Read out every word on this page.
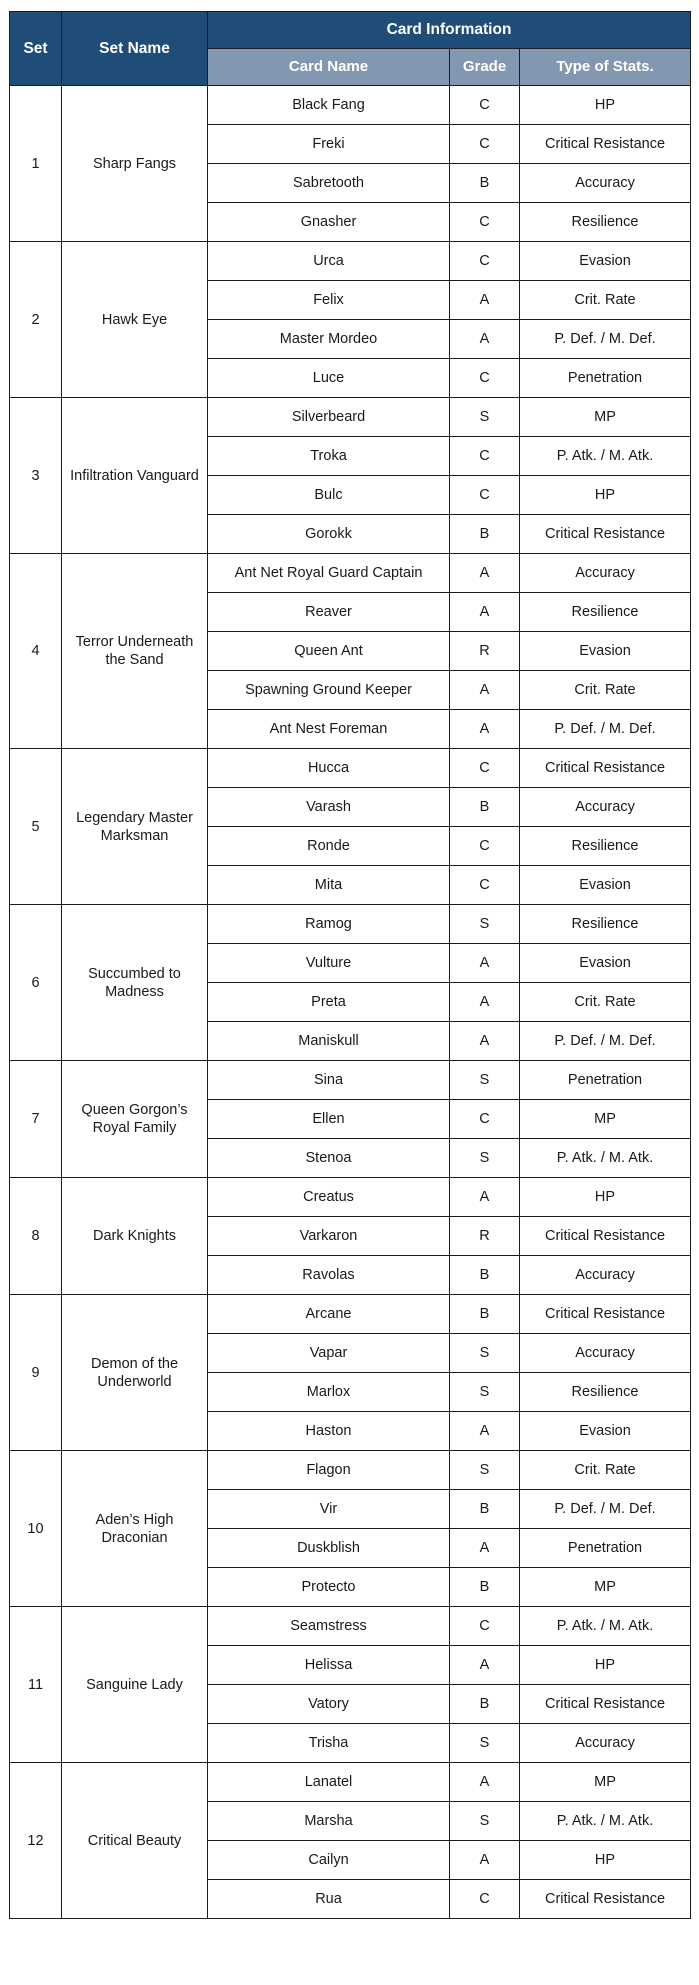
Set	Set Name	Card Information		
		Card Name	Grade	Type of Stats.
1	Sharp Fangs	Black Fang	C	HP
		Freki	C	Critical Resistance
		Sabretooth	B	Accuracy
		Gnasher	C	Resilience
2	Hawk Eye	Urca	C	Evasion
		Felix	A	Crit. Rate
		Master Mordeo	A	P. Def. / M. Def.
		Luce	C	Penetration
3	Infiltration Vanguard	Silverbeard	S	MP
		Troka	C	P. Atk. / M. Atk.
		Bulc	C	HP
		Gorokk	B	Critical Resistance
4	Terror Underneath the Sand	Ant Net Royal Guard Captain	A	Accuracy
		Reaver	A	Resilience
		Queen Ant	R	Evasion
		Spawning Ground Keeper	A	Crit. Rate
		Ant Nest Foreman	A	P. Def. / M. Def.
5	Legendary Master Marksman	Hucca	C	Critical Resistance
		Varash	B	Accuracy
		Ronde	C	Resilience
		Mita	C	Evasion
6	Succumbed to Madness	Ramog	S	Resilience
		Vulture	A	Evasion
		Preta	A	Crit. Rate
		Maniskull	A	P. Def. / M. Def.
7	Queen Gorgon’s Royal Family	Sina	S	Penetration
		Ellen	C	MP
		Stenoa	S	P. Atk. / M. Atk.
8	Dark Knights	Creatus	A	HP
		Varkaron	R	Critical Resistance
		Ravolas	B	Accuracy
9	Demon of the Underworld	Arcane	B	Critical Resistance
		Vapar	S	Accuracy
		Marlox	S	Resilience
		Haston	A	Evasion
10	Aden’s High Draconian	Flagon	S	Crit. Rate
		Vir	B	P. Def. / M. Def.
		Duskblish	A	Penetration
		Protecto	B	MP
11	Sanguine Lady	Seamstress	C	P. Atk. / M. Atk.
		Helissa	A	HP
		Vatory	B	Critical Resistance
		Trisha	S	Accuracy
12	Critical Beauty	Lanatel	A	MP
		Marsha	S	P. Atk. / M. Atk.
		Cailyn	A	HP
		Rua	C	Critical Resistance
